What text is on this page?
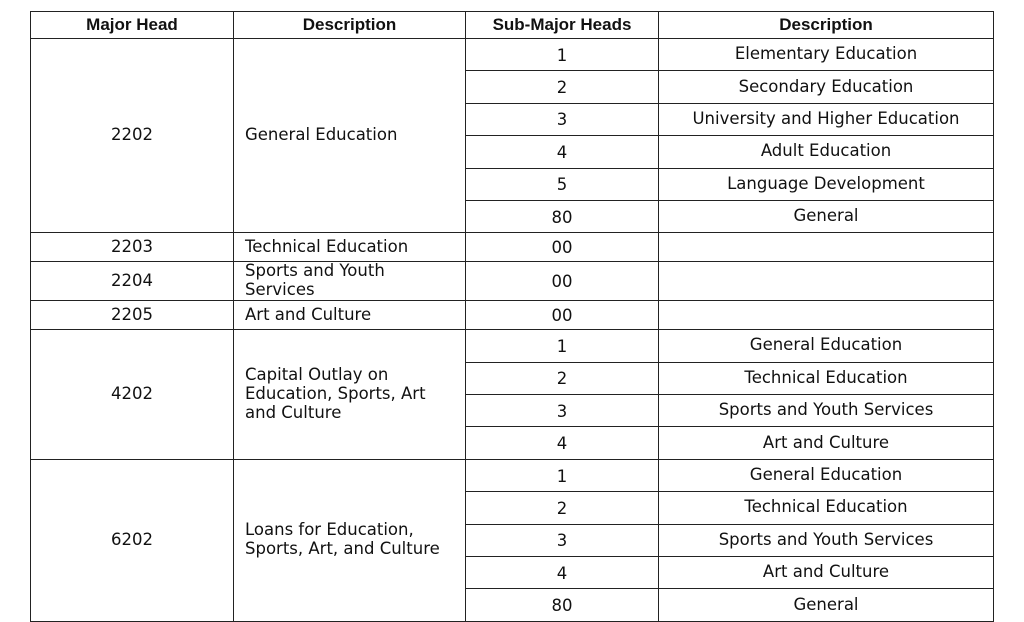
Major Head	Description	Sub-Major Heads	Description
2202	General Education	1	Elementary Education
		2	Secondary Education
		3	University and Higher Education
		4	Adult Education
		5	Language Development
		80	General
2203	Technical Education	00	
2204	Sports and Youth Services	00	
2205	Art and Culture	00	
4202	Capital Outlay on Education, Sports, Art and Culture	1	General Education
		2	Technical Education
		3	Sports and Youth Services
		4	Art and Culture
6202	Loans for Education, Sports, Art, and Culture	1	General Education
		2	Technical Education
		3	Sports and Youth Services
		4	Art and Culture
		80	General
